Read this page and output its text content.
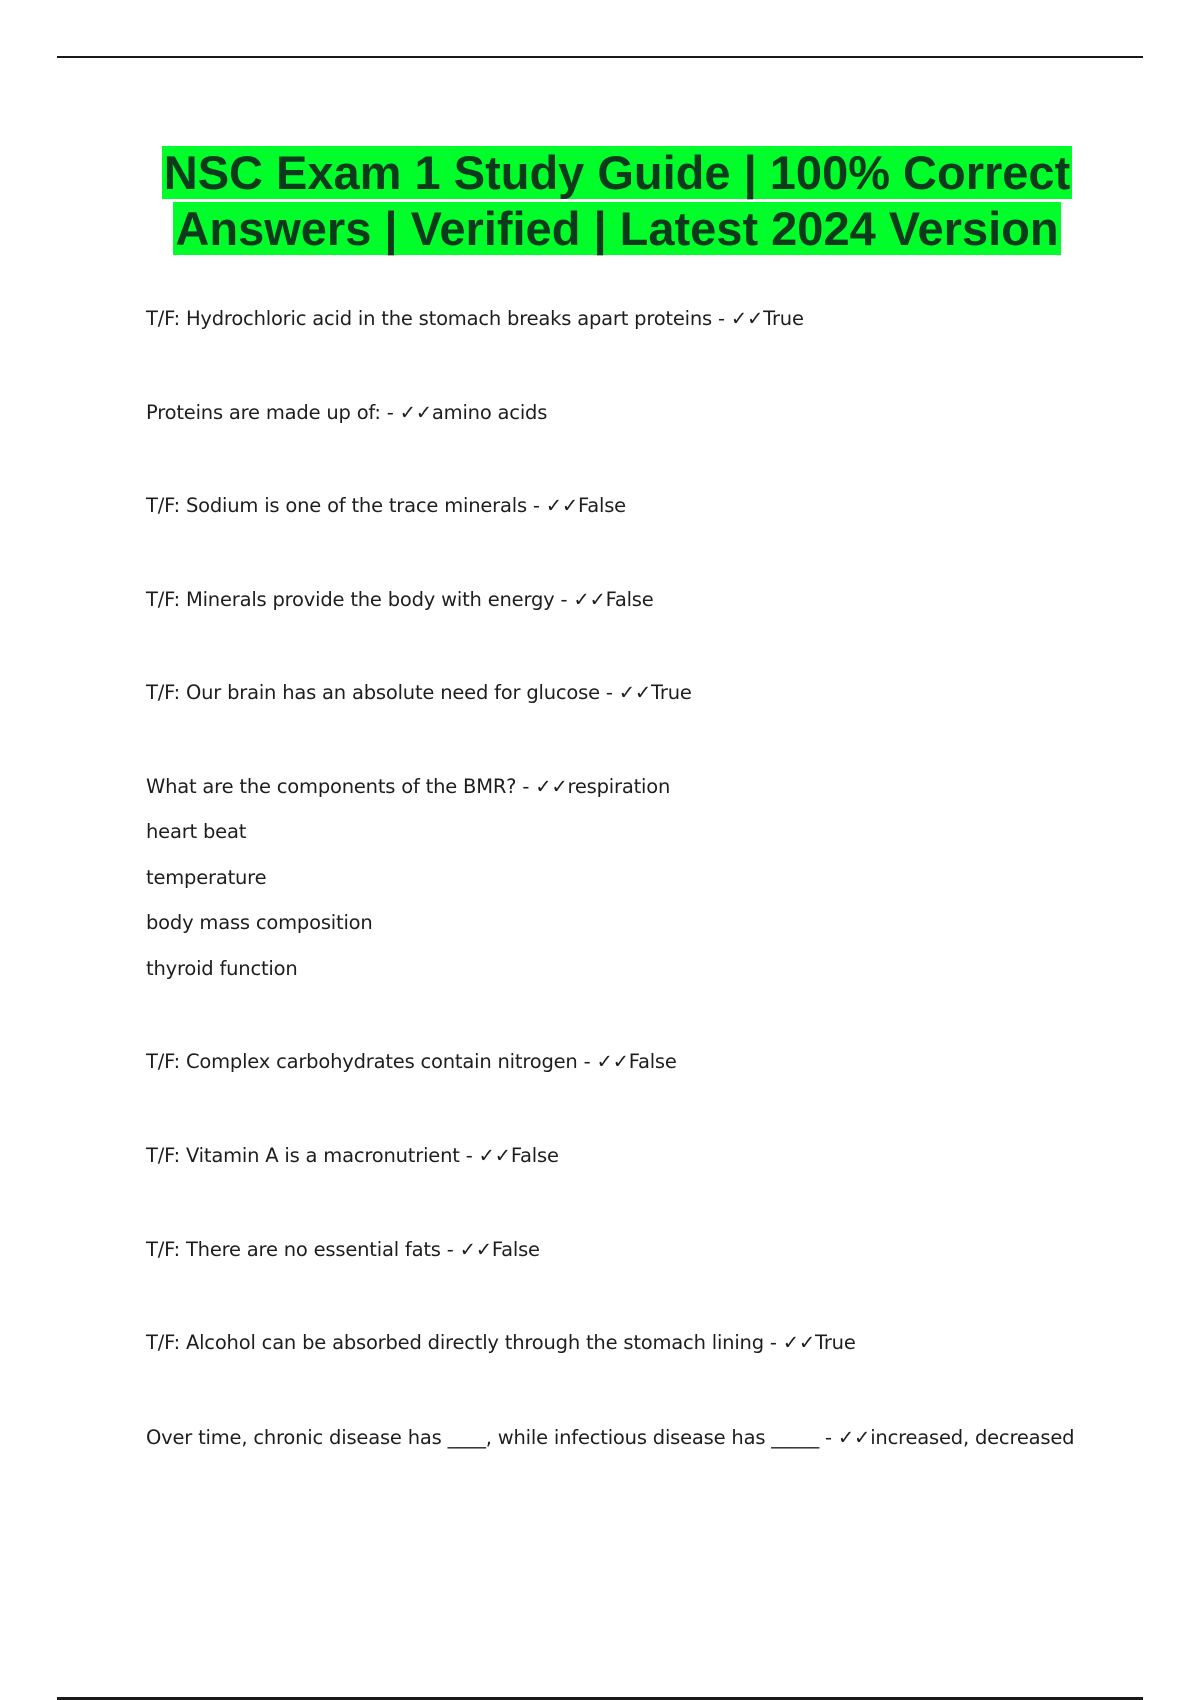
NSC Exam 1 Study Guide | 100% Correct
Answers | Verified | Latest 2024 Version
T/F: Hydrochloric acid in the stomach breaks apart proteins - ✓✓True
Proteins are made up of: - ✓✓amino acids
T/F: Sodium is one of the trace minerals - ✓✓False
T/F: Minerals provide the body with energy - ✓✓False
T/F: Our brain has an absolute need for glucose - ✓✓True
What are the components of the BMR? - ✓✓respiration
heart beat
temperature
body mass composition
thyroid function
T/F: Complex carbohydrates contain nitrogen - ✓✓False
T/F: Vitamin A is a macronutrient - ✓✓False
T/F: There are no essential fats - ✓✓False
T/F: Alcohol can be absorbed directly through the stomach lining - ✓✓True
Over time, chronic disease has ____, while infectious disease has _____ - ✓✓increased, decreased
